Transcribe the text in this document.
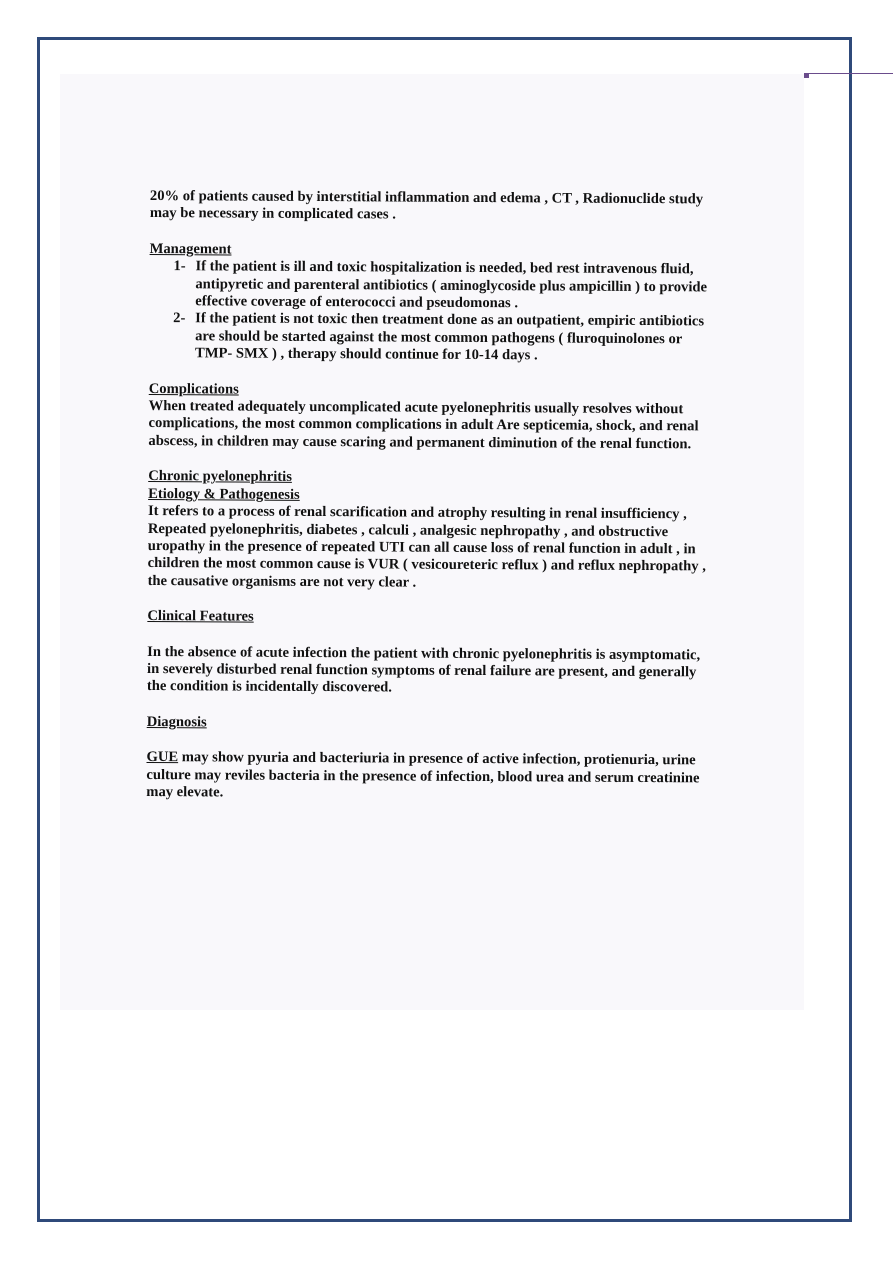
20% of patients caused by interstitial inflammation and edema , CT , Radionuclide study may be necessary in complicated cases .

Management

1- If the patient is ill and toxic hospitalization is needed, bed rest intravenous fluid, antipyretic and parenteral antibiotics ( aminoglycoside plus ampicillin ) to provide effective coverage of enterococci and pseudomonas .
2- If the patient is not toxic then treatment done as an outpatient, empiric antibiotics are should be started against the most common pathogens ( fluroquinolones or TMP- SMX ) , therapy should continue for 10-14 days .

Complications

When treated adequately uncomplicated acute pyelonephritis usually resolves without complications, the most common complications in adult Are septicemia, shock, and renal abscess, in children may cause scaring and permanent diminution of the renal function.

Chronic pyelonephritis

Etiology & Pathogenesis

It refers to a process of renal scarification and atrophy resulting in renal insufficiency , Repeated pyelonephritis, diabetes , calculi , analgesic nephropathy , and obstructive uropathy in the presence of repeated UTI can all cause loss of renal function in adult , in children the most common cause is VUR ( vesicoureteric reflux ) and reflux nephropathy , the causative organisms are not very clear .

Clinical Features

In the absence of acute infection the patient with chronic pyelonephritis is asymptomatic, in severely disturbed renal function symptoms of renal failure are present, and generally the condition is incidentally discovered.

Diagnosis

GUE may show pyuria and bacteriuria in presence of active infection, protienuria, urine culture may reviles bacteria in the presence of infection, blood urea and serum creatinine may elevate.
